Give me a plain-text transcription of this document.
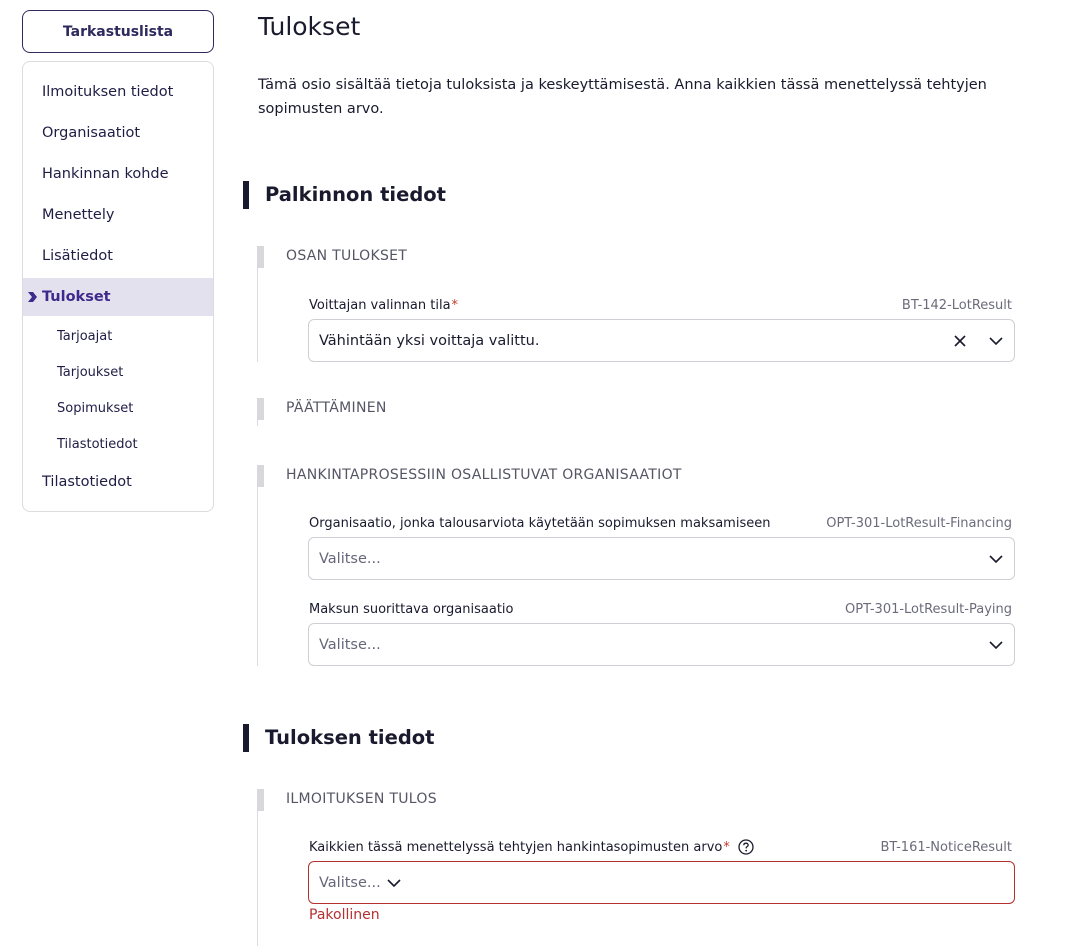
Tarkastuslista
Ilmoituksen tiedot
Organisaatiot
Hankinnan kohde
Menettely
Lisätiedot
Tulokset
Tarjoajat
Tarjoukset
Sopimukset
Tilastotiedot
Tilastotiedot
Tulokset

Tämä osio sisältää tietoja tuloksista ja keskeyttämisestä. Anna kaikkien tässä menettelyssä tehtyjen sopimusten arvo.

Palkinnon tiedot
OSAN TULOKSET
Voittajan valinnan tila *	BT-142-LotResult
Vähintään yksi voittaja valittu.
PÄÄTTÄMINEN
HANKINTAPROSESSIIN OSALLISTUVAT ORGANISAATIOT
Organisaatio, jonka talousarviota käytetään sopimuksen maksamiseen	OPT-301-LotResult-Financing
Valitse...
Maksun suorittava organisaatio	OPT-301-LotResult-Paying
Valitse...
Tuloksen tiedot
ILMOITUKSEN TULOS
Kaikkien tässä menettelyssä tehtyjen hankintasopimusten arvo *	BT-161-NoticeResult
Valitse...
Pakollinen
